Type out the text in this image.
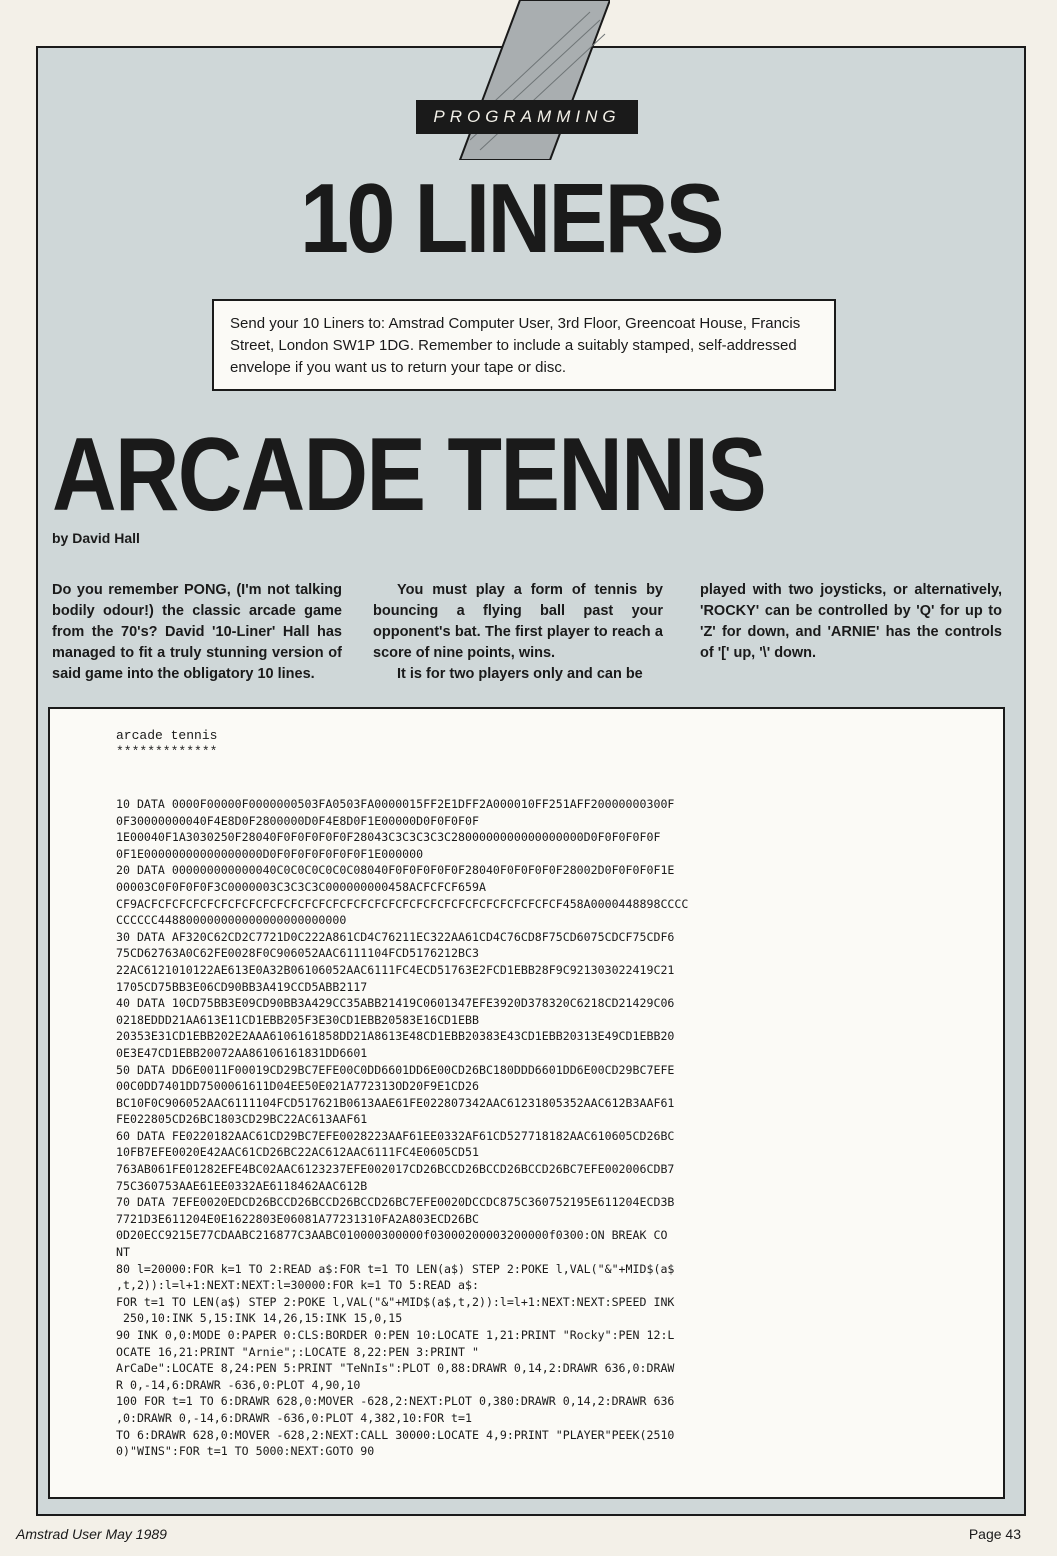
PROGRAMMING
10 LINERS
Send your 10 Liners to: Amstrad Computer User, 3rd Floor, Greencoat House, Francis Street, London SW1P 1DG. Remember to include a suitably stamped, self-addressed envelope if you want us to return your tape or disc.
ARCADE TENNIS
by David Hall

Do you remember PONG, (I'm not talking bodily odour!) the classic arcade game from the 70's? David '10-Liner' Hall has managed to fit a truly stunning version of said game into the obligatory 10 lines.

You must play a form of tennis by bouncing a flying ball past your opponent's bat. The first player to reach a score of nine points, wins.

It is for two players only and can be

played with two joysticks, or alternatively, 'ROCKY' can be controlled by 'Q' for up to 'Z' for down, and 'ARNIE' has the controls of '[' up, '\' down.

arcade tennis
*************
10 DATA 0000F00000F0000000503FA0503FA0000015FF2E1DFF2A000010FF251AFF20000000300F
0F30000000040F4E8D0F2800000D0F4E8D0F1E00000D0F0F0F0F
1E00040F1A3030250F28040F0F0F0F0F0F28043C3C3C3C3C2800000000000000000D0F0F0F0F0F
0F1E00000000000000000D0F0F0F0F0F0F0F1E000000
20 DATA 000000000000040C0C0C0C0C0C08040F0F0F0F0F0F28040F0F0F0F0F28002D0F0F0F0F1E
00003C0F0F0F0F3C0000003C3C3C3C000000000458ACFCFCF659A
CF9ACFCFCFCFCFCFCFCFCFCFCFCFCFCFCFCFCFCFCFCFCFCFCFCFCFCFCFCFCFCF458A0000448898CCCC
CCCCCC448800000000000000000000000
30 DATA AF320C62CD2C7721D0C222A861CD4C76211EC322AA61CD4C76CD8F75CD6075CDCF75CDF6
75CD62763A0C62FE0028F0C906052AAC6111104FCD5176212BC3
22AC6121010122AE613E0A32B06106052AAC6111FC4ECD51763E2FCD1EBB28F9C921303022419C21
1705CD75BB3E06CD90BB3A419CCD5ABB2117
40 DATA 10CD75BB3E09CD90BB3A429CC35ABB21419C0601347EFE3920D378320C6218CD21429C06
0218EDDD21AA613E11CD1EBB205F3E30CD1EBB20583E16CD1EBB
20353E31CD1EBB202E2AAA6106161858DD21A8613E48CD1EBB20383E43CD1EBB20313E49CD1EBB20
0E3E47CD1EBB20072AA86106161831DD6601
50 DATA DD6E0011F00019CD29BC7EFE00C0DD6601DD6E00CD26BC180DDD6601DD6E00CD29BC7EFE
00C0DD7401DD7500061611D04EE50E021A772313OD20F9E1CD26
BC10F0C906052AAC6111104FCD517621B0613AAE61FE022807342AAC61231805352AAC612B3AAF61
FE022805CD26BC1803CD29BC22AC613AAF61
60 DATA FE0220182AAC61CD29BC7EFE0028223AAF61EE0332AF61CD527718182AAC610605CD26BC
10FB7EFE0020E42AAC61CD26BC22AC612AAC6111FC4E0605CD51
763AB061FE01282EFE4BC02AAC6123237EFE002017CD26BCCD26BCCD26BCCD26BC7EFE002006CDB7
75C360753AAE61EE0332AE6118462AAC612B
70 DATA 7EFE0020EDCD26BCCD26BCCD26BCCD26BC7EFE0020DCCDC875C360752195E611204ECD3B
7721D3E611204E0E1622803E06081A77231310FA2A803ECD26BC
0D20ECC9215E77CDAABC216877C3AABC010000300000f03000200003200000f0300:ON BREAK CO
NT
80 l=20000:FOR k=1 TO 2:READ a$:FOR t=1 TO LEN(a$) STEP 2:POKE l,VAL("&"+MID$(a$
,t,2)):l=l+1:NEXT:NEXT:l=30000:FOR k=1 TO 5:READ a$:
FOR t=1 TO LEN(a$) STEP 2:POKE l,VAL("&"+MID$(a$,t,2)):l=l+1:NEXT:NEXT:SPEED INK
250,10:INK 5,15:INK 14,26,15:INK 15,0,15
90 INK 0,0:MODE 0:PAPER 0:CLS:BORDER 0:PEN 10:LOCATE 1,21:PRINT "Rocky":PEN 12:L
OCATE 16,21:PRINT "Arnie";:LOCATE 8,22:PEN 3:PRINT "
ArCaDe":LOCATE 8,24:PEN 5:PRINT "TeNnIs":PLOT 0,88:DRAWR 0,14,2:DRAWR 636,0:DRAW
R 0,-14,6:DRAWR -636,0:PLOT 4,90,10
100 FOR t=1 TO 6:DRAWR 628,0:MOVER -628,2:NEXT:PLOT 0,380:DRAWR 0,14,2:DRAWR 636
,0:DRAWR 0,-14,6:DRAWR -636,0:PLOT 4,382,10:FOR t=1
TO 6:DRAWR 628,0:MOVER -628,2:NEXT:CALL 30000:LOCATE 4,9:PRINT "PLAYER"PEEK(2510
0)"WINS":FOR t=1 TO 5000:NEXT:GOTO 90
Amstrad User May 1989	Page 43
